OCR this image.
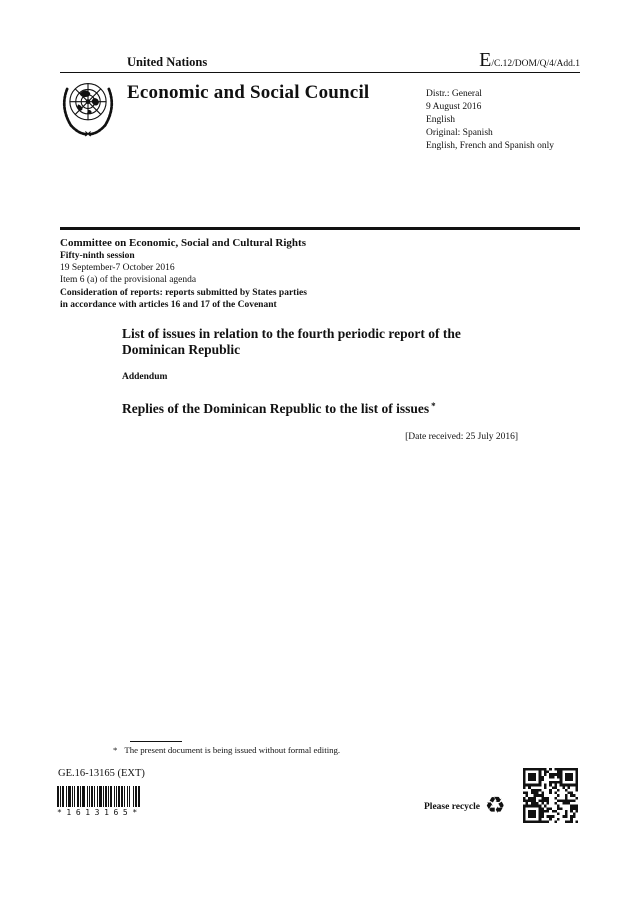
United Nations	E/C.12/DOM/Q/4/Add.1
Economic and Social Council	Distr.: General
9 August 2016
English
Original: Spanish
English, French and Spanish only
Committee on Economic, Social and Cultural Rights
Fifty-ninth session
19 September-7 October 2016
Item 6 (a) of the provisional agenda
Consideration of reports: reports submitted by States parties
in accordance with articles 16 and 17 of the Covenant
List of issues in relation to the fourth periodic report of the Dominican Republic
Addendum
Replies of the Dominican Republic to the list of issues *
[Date received: 25 July 2016]
* The present document is being issued without formal editing.
GE.16-13165 (EXT)
*1613165*
Please recycle ♻
